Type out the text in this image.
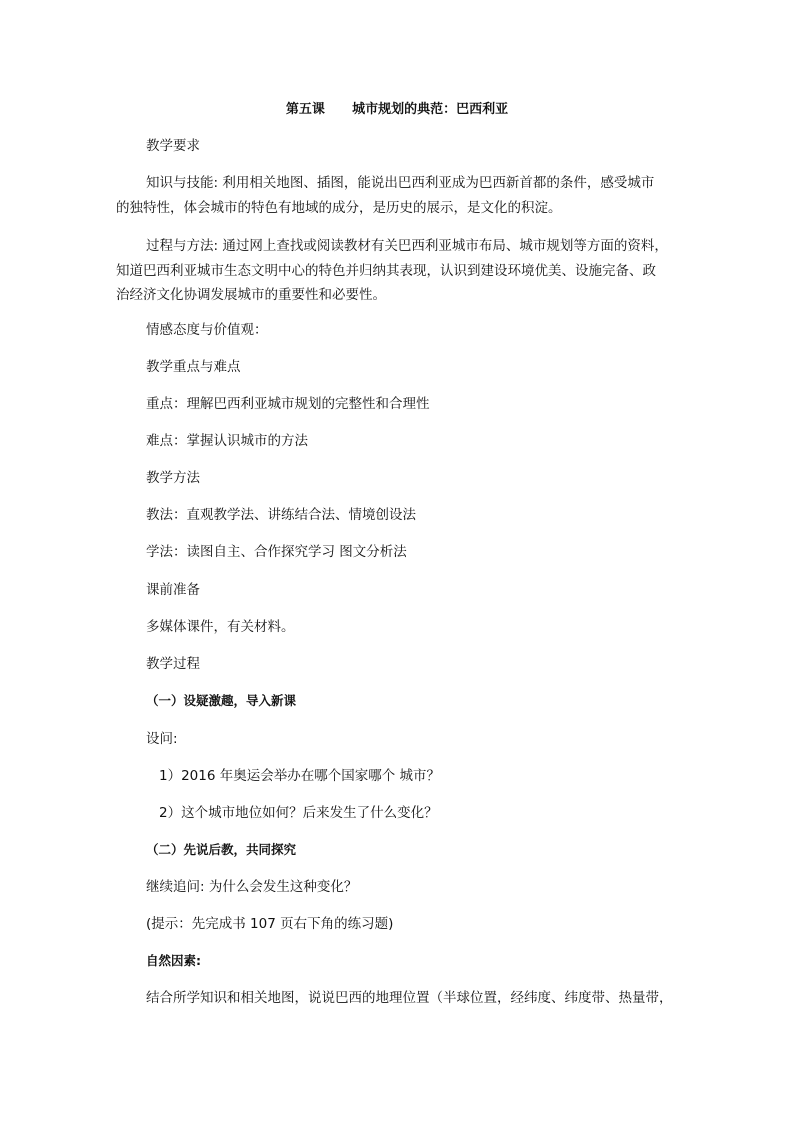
第五课      城市规划的典范：巴西利亚
教学要求
知识与技能: 利用相关地图、插图，能说出巴西利亚成为巴西新首都的条件，感受城市
的独特性，体会城市的特色有地域的成分，是历史的展示，是文化的积淀。
过程与方法: 通过网上查找或阅读教材有关巴西利亚城市布局、城市规划等方面的资料，
知道巴西利亚城市生态文明中心的特色并归纳其表现，认识到建设环境优美、设施完备、政
治经济文化协调发展城市的重要性和必要性。
情感态度与价值观：
教学重点与难点
重点：理解巴西利亚城市规划的完整性和合理性
难点：掌握认识城市的方法
教学方法
教法：直观教学法、讲练结合法、情境创设法
学法：读图自主、合作探究学习 图文分析法
课前准备
多媒体课件，有关材料。
教学过程
（一）设疑激趣，导入新课
设问:
1）2016 年奥运会举办在哪个国家哪个 城市？
2）这个城市地位如何？后来发生了什么变化？
（二）先说后教，共同探究
继续追问: 为什么会发生这种变化？
(提示：先完成书 107 页右下角的练习题)
自然因素:
结合所学知识和相关地图，说说巴西的地理位置（半球位置，经纬度、纬度带、热量带，
